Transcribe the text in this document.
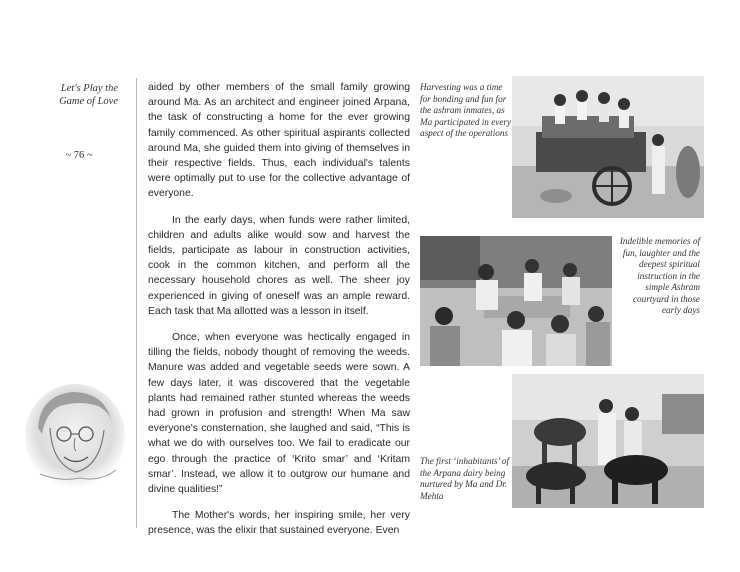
Let's Play the
Game of Love
~ 76 ~

aided by other members of the small family growing around Ma. As an architect and engineer joined Arpana, the task of constructing a home for the ever growing family commenced. As other spiritual aspirants collected around Ma, she guided them into giving of themselves in their respective fields. Thus, each individual's talents were optimally put to use for the collective advantage of everyone.

In the early days, when funds were rather limited, children and adults alike would sow and harvest the fields, participate as labour in construction activities, cook in the common kitchen, and perform all the necessary household chores as well. The sheer joy experienced in giving of oneself was an ample reward. Each task that Ma allotted was a lesson in itself.

Once, when everyone was hectically engaged in tilling the fields, nobody thought of removing the weeds. Manure was added and vegetable seeds were sown. A few days later, it was discovered that the vegetable plants had remained rather stunted whereas the weeds had grown in profusion and strength! When Ma saw everyone's consternation, she laughed and said, “This is what we do with ourselves too. We fail to eradicate our ego through the practice of ‘Krito smar’ and ‘Kritam smar’. Instead, we allow it to outgrow our humane and divine qualities!”

The Mother's words, her inspiring smile, her very presence, was the elixir that sustained everyone. Even

Harvesting was a time for bonding and fun for the ashram inmates, as Ma participated in every aspect of the operations
Indelible memories of fun, laughter and the deepest spiritual instruction in the simple Ashram courtyard in those early days
The first ‘inhabitants’ of the Arpana dairy being nurtured by Ma and Dr. Mehta
